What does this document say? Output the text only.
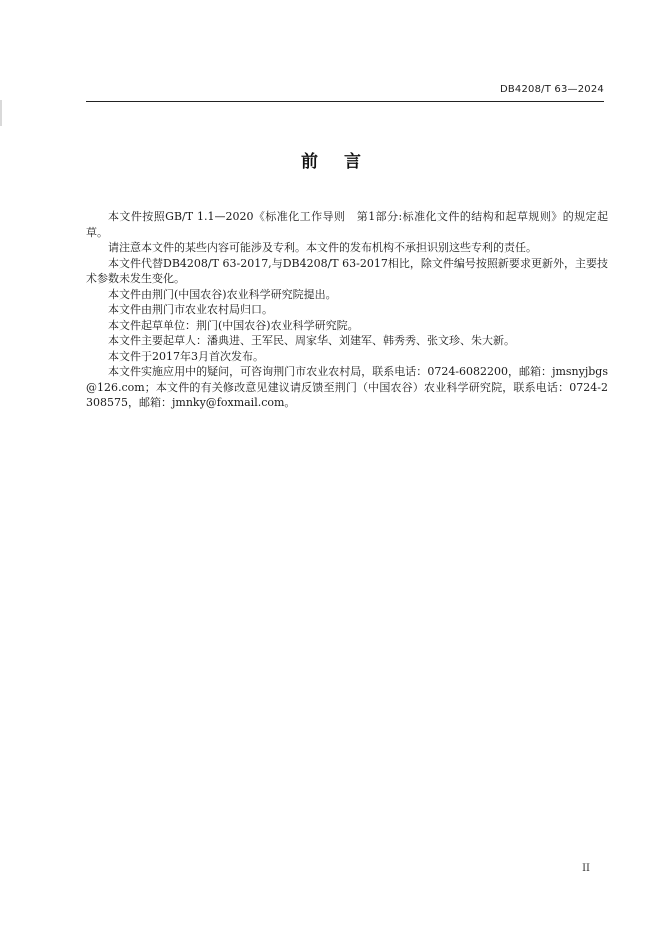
DB4208/T 63—2024
前言

本文件按照GB/T 1.1—2020《标准化工作导则　第1部分:标准化文件的结构和起草规则》的规定起草。

请注意本文件的某些内容可能涉及专利。本文件的发布机构不承担识别这些专利的责任。

本文件代替DB4208/T 63-2017,与DB4208/T 63-2017相比，除文件编号按照新要求更新外，主要技术参数未发生变化。

本文件由荆门(中国农谷)农业科学研究院提出。

本文件由荆门市农业农村局归口。

本文件起草单位：荆门(中国农谷)农业科学研究院。

本文件主要起草人：潘典进、王军民、周家华、刘建军、韩秀秀、张文珍、朱大新。

本文件于2017年3月首次发布。

本文件实施应用中的疑问，可咨询荆门市农业农村局，联系电话：0724-6082200，邮箱：jmsnyjbgs@126.com；本文件的有关修改意见建议请反馈至荆门（中国农谷）农业科学研究院，联系电话：0724-2308575，邮箱：jmnky@foxmail.com。

II
